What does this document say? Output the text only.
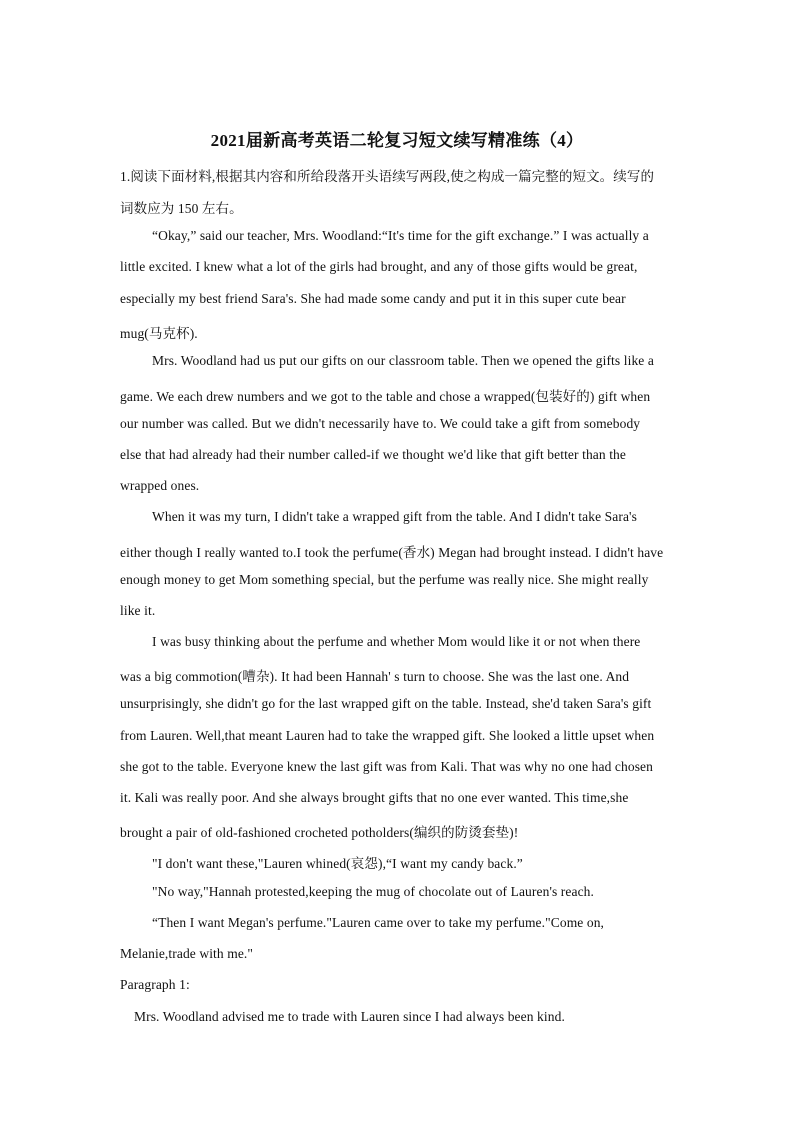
2021届新高考英语二轮复习短文续写精准练（4）
1.阅读下面材料,根据其内容和所给段落开头语续写两段,使之构成一篇完整的短文。续写的
词数应为 150 左右。
“Okay,” said our teacher, Mrs. Woodland:“It's time for the gift exchange.” I was actually a
little excited. I knew what a lot of the girls had brought, and any of those gifts would be great,
especially my best friend Sara's. She had made some candy and put it in this super cute bear
mug(马克杯).
Mrs. Woodland had us put our gifts on our classroom table. Then we opened the gifts like a
game. We each drew numbers and we got to the table and chose a wrapped(包装好的) gift when
our number was called. But we didn't necessarily have to. We could take a gift from somebody
else that had already had their number called-if we thought we'd like that gift better than the
wrapped ones.
When it was my turn, I didn't take a wrapped gift from the table. And I didn't take Sara's
either though I really wanted to.I took the perfume(香水) Megan had brought instead. I didn't have
enough money to get Mom something special, but the perfume was really nice. She might really
like it.
I was busy thinking about the perfume and whether Mom would like it or not when there
was a big commotion(嘈杂). It had been Hannah' s turn to choose. She was the last one. And
unsurprisingly, she didn't go for the last wrapped gift on the table. Instead, she'd taken Sara's gift
from Lauren. Well,that meant Lauren had to take the wrapped gift. She looked a little upset when
she got to the table. Everyone knew the last gift was from Kali. That was why no one had chosen
it. Kali was really poor. And she always brought gifts that no one ever wanted. This time,she
brought a pair of old-fashioned crocheted potholders(编织的防烫套垫)!
"I don't want these,"Lauren whined(哀怨),“I want my candy back.”
"No way,"Hannah protested,keeping the mug of chocolate out of Lauren's reach.
“Then I want Megan's perfume."Lauren came over to take my perfume."Come on,
Melanie,trade with me."
Paragraph 1:
Mrs. Woodland advised me to trade with Lauren since I had always been kind.
